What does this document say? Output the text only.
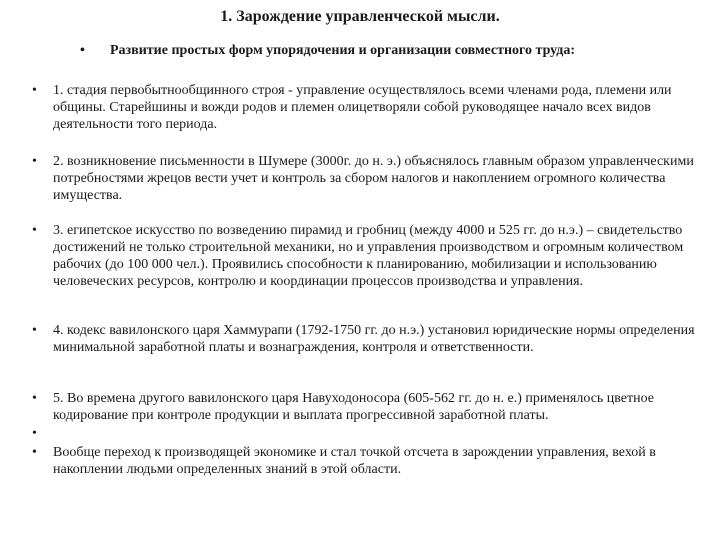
1. Зарождение управленческой мысли.
• Развитие простых форм упорядочения и организации совместного труда:
• 1. стадия первобытнообщинного строя - управление осуществлялось всеми членами рода, племени или общины. Старейшины и вожди родов и племен олицетворяли собой руководящее начало всех видов деятельности того периода.
• 2. возникновение письменности в Шумере (3000г. до н. э.) объяснялось главным образом управленческими потребностями жрецов вести учет и контроль за сбором налогов и накоплением огромного количества имущества.
• 3. египетское искусство по возведению пирамид и гробниц (между 4000 и 525 гг. до н.э.) – свидетельство достижений не только строительной механики, но и управления производством и огромным количеством рабочих (до 100 000 чел.). Проявились способности к планированию, мобилизации и использованию человеческих ресурсов, контролю и координации процессов производства и управления.
• 4. кодекс вавилонского царя Хаммурапи (1792-1750 гг. до н.э.) установил юридические нормы определения минимальной заработной платы и вознаграждения, контроля и ответственности.
• 5. Во времена другого вавилонского царя Навуходоносора (605-562 гг. до н. е.) применялось цветное кодирование при контроле продукции и выплата прогрессивной заработной платы.
•
• Вообще переход к производящей экономике и стал точкой отсчета в зарождении управления, вехой в накоплении людьми определенных знаний в этой области.
